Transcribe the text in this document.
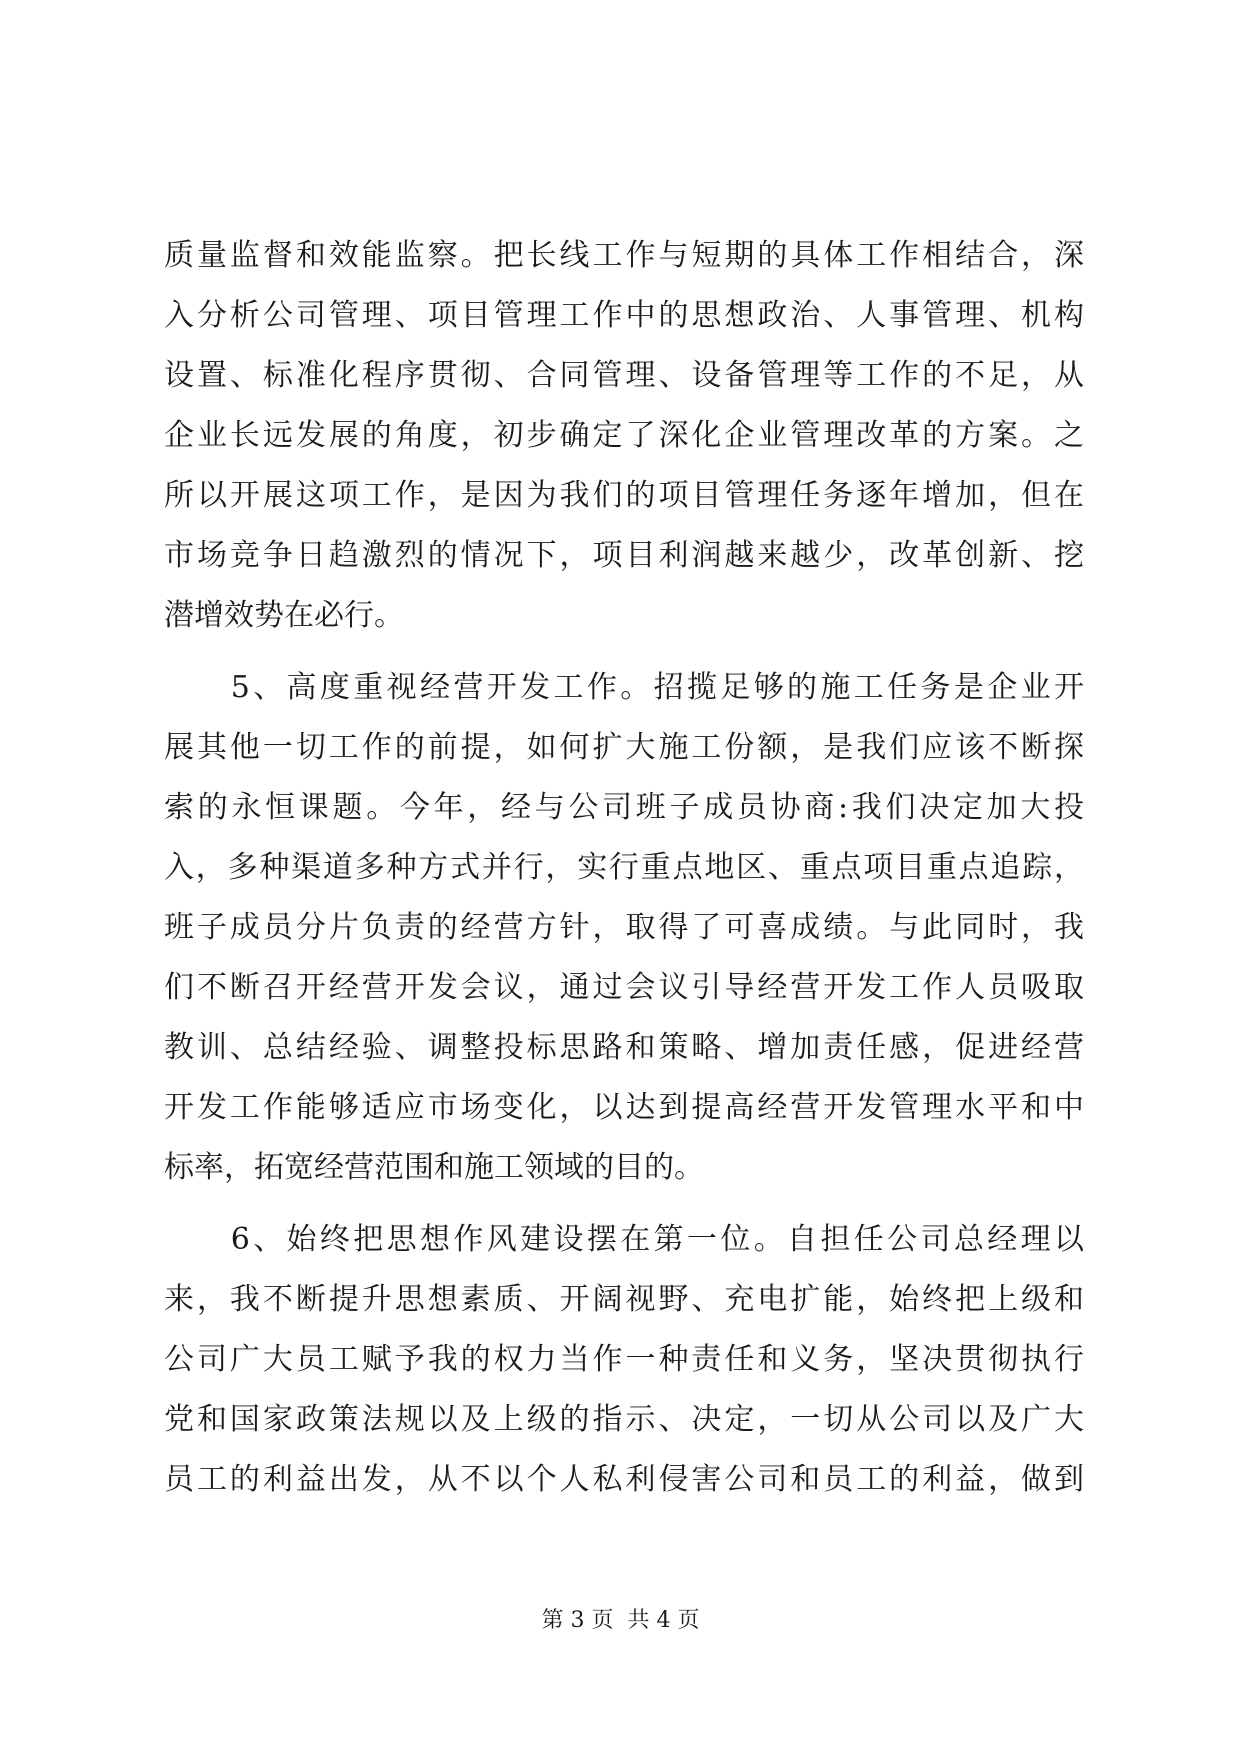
质量监督和效能监察。把长线工作与短期的具体工作相结合，深
入分析公司管理、项目管理工作中的思想政治、人事管理、机构
设置、标准化程序贯彻、合同管理、设备管理等工作的不足，从
企业长远发展的角度，初步确定了深化企业管理改革的方案。之
所以开展这项工作，是因为我们的项目管理任务逐年增加，但在
市场竞争日趋激烈的情况下，项目利润越来越少，改革创新、挖
潜增效势在必行。
　　5、高度重视经营开发工作。招揽足够的施工任务是企业开
展其他一切工作的前提，如何扩大施工份额，是我们应该不断探
索的永恒课题。今年，经与公司班子成员协商:我们决定加大投
入，多种渠道多种方式并行，实行重点地区、重点项目重点追踪，
班子成员分片负责的经营方针，取得了可喜成绩。与此同时，我
们不断召开经营开发会议，通过会议引导经营开发工作人员吸取
教训、总结经验、调整投标思路和策略、增加责任感，促进经营
开发工作能够适应市场变化，以达到提高经营开发管理水平和中
标率，拓宽经营范围和施工领域的目的。
　　6、始终把思想作风建设摆在第一位。自担任公司总经理以
来，我不断提升思想素质、开阔视野、充电扩能，始终把上级和
公司广大员工赋予我的权力当作一种责任和义务，坚决贯彻执行
党和国家政策法规以及上级的指示、决定，一切从公司以及广大
员工的利益出发，从不以个人私利侵害公司和员工的利益，做到
第 3 页  共 4 页
